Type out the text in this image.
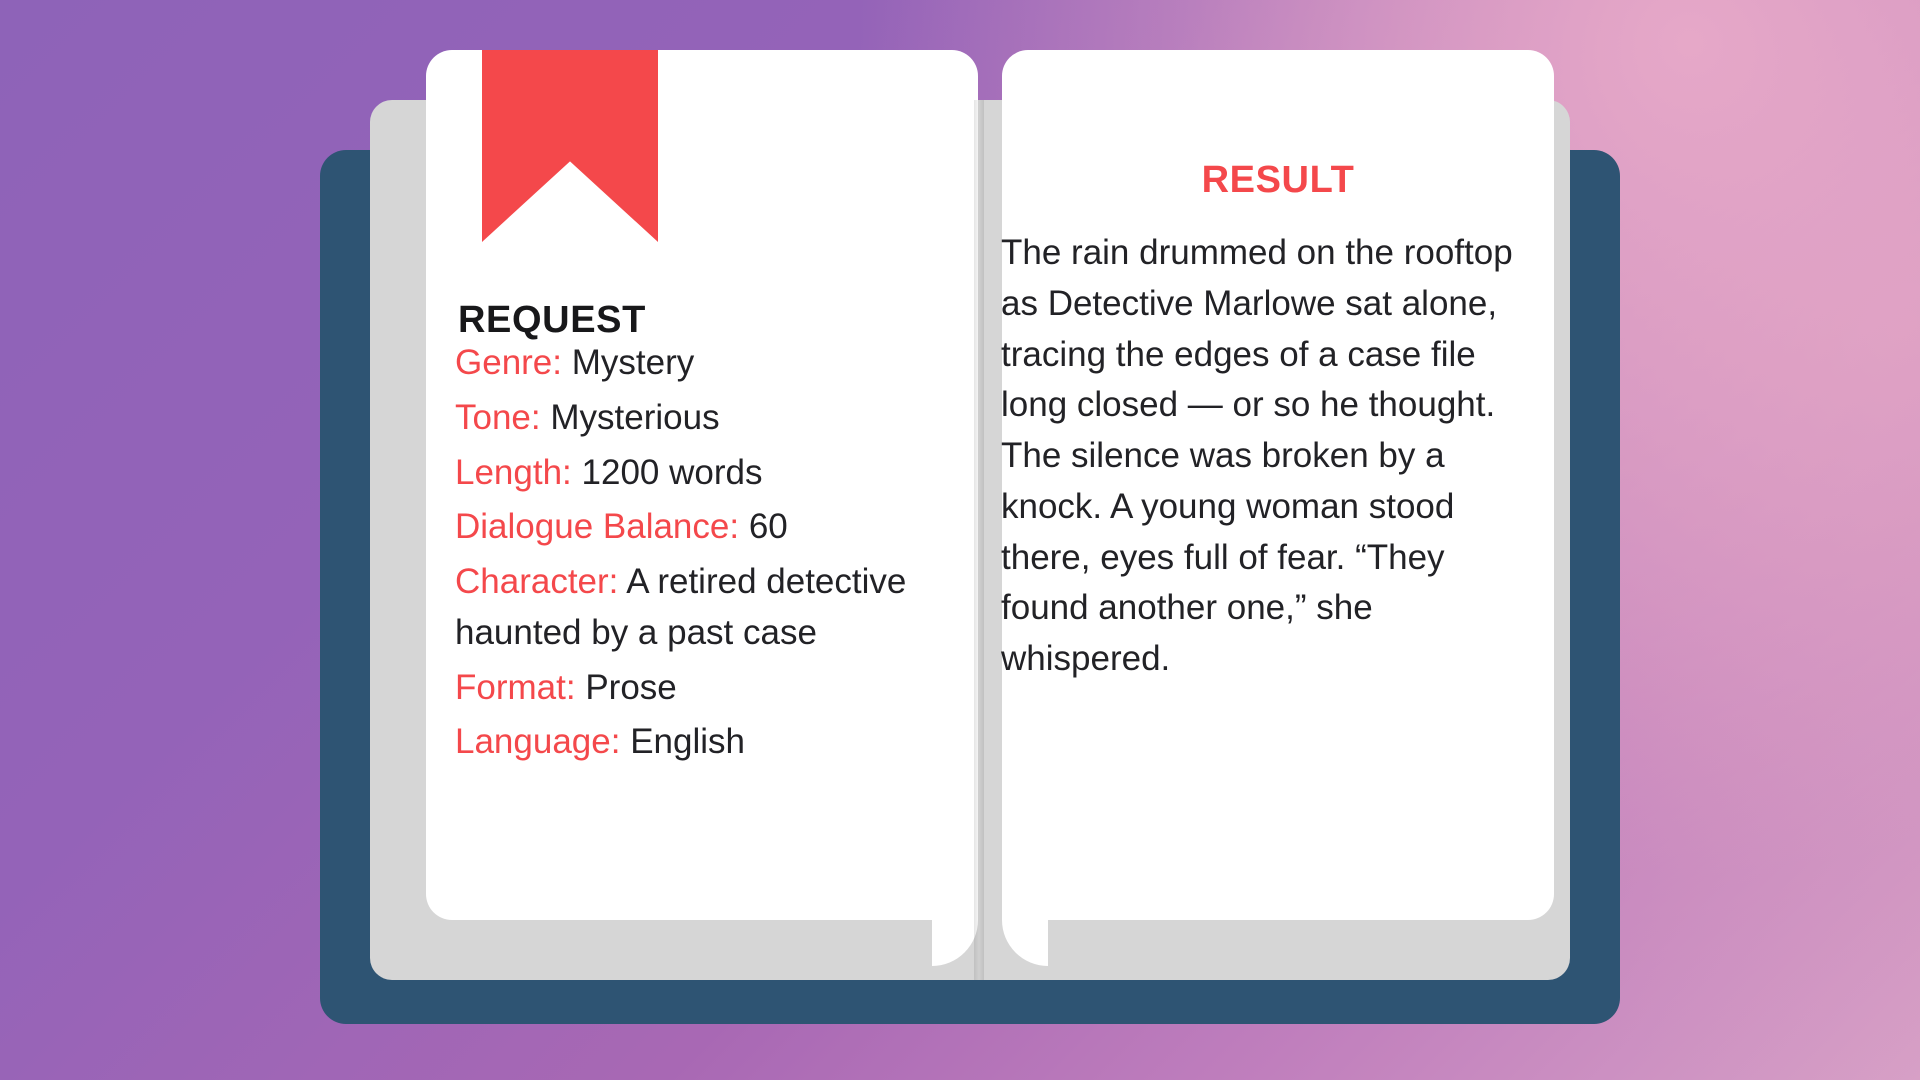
REQUEST

Genre: Mystery

Tone: Mysterious

Length: 1200 words

Dialogue Balance: 60

Character: A retired detective haunted by a past case

Format: Prose

Language: English

RESULT
The rain drummed on the rooftop as Detective Marlowe sat alone, tracing the edges of a case file long closed — or so he thought. The silence was broken by a knock. A young woman stood there, eyes full of fear. “They found another one,” she whispered.
